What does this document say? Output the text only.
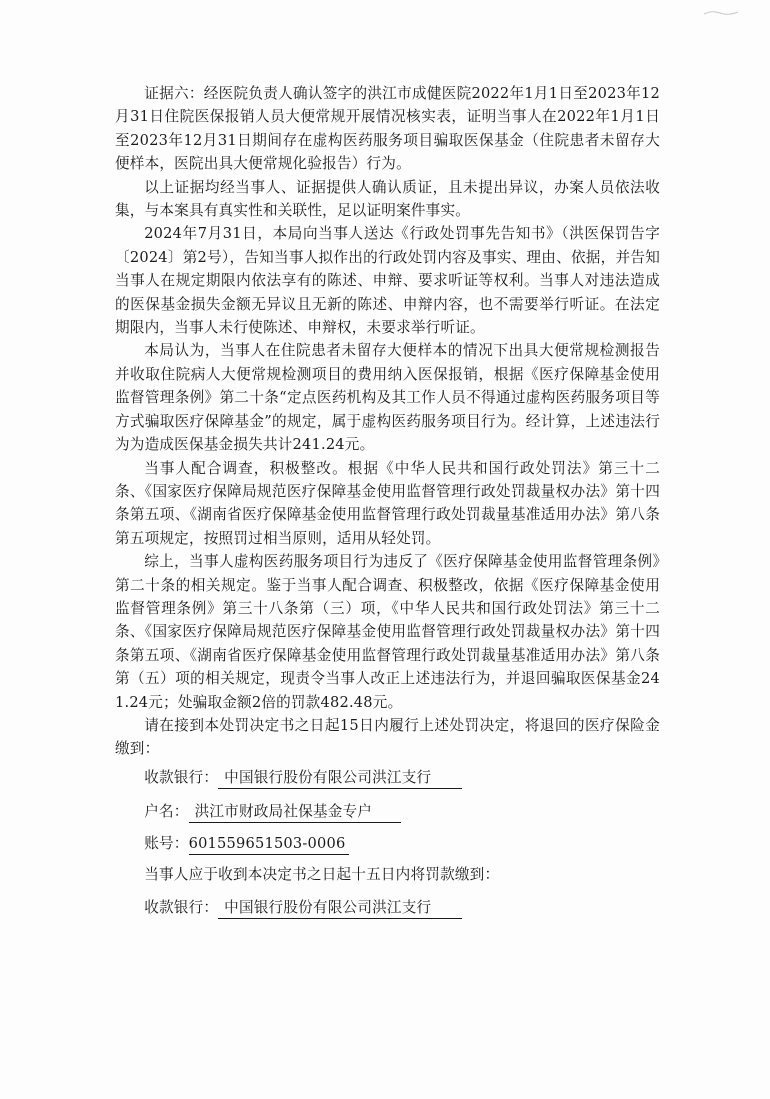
证据六：经医院负责人确认签字的洪江市成健医院2022年1月1日至2023年12月31日住院医保报销人员大便常规开展情况核实表，证明当事人在2022年1月1日至2023年12月31日期间存在虚构医药服务项目骗取医保基金（住院患者未留存大便样本，医院出具大便常规化验报告）行为。

以上证据均经当事人、证据提供人确认质证，且未提出异议，办案人员依法收集，与本案具有真实性和关联性，足以证明案件事实。

2024年7月31日，本局向当事人送达《行政处罚事先告知书》（洪医保罚告字〔2024〕第2号），告知当事人拟作出的行政处罚内容及事实、理由、依据，并告知当事人在规定期限内依法享有的陈述、申辩、要求听证等权利。当事人对违法造成的医保基金损失金额无异议且无新的陈述、申辩内容，也不需要举行听证。在法定期限内，当事人未行使陈述、申辩权，未要求举行听证。

本局认为，当事人在住院患者未留存大便样本的情况下出具大便常规检测报告并收取住院病人大便常规检测项目的费用纳入医保报销，根据《医疗保障基金使用监督管理条例》第二十条“定点医药机构及其工作人员不得通过虚构医药服务项目等方式骗取医疗保障基金”的规定，属于虚构医药服务项目行为。经计算，上述违法行为为造成医保基金损失共计241.24元。

当事人配合调查，积极整改。根据《中华人民共和国行政处罚法》第三十二条、《国家医疗保障局规范医疗保障基金使用监督管理行政处罚裁量权办法》第十四条第五项、《湖南省医疗保障基金使用监督管理行政处罚裁量基准适用办法》第八条第五项规定，按照罚过相当原则，适用从轻处罚。

综上，当事人虚构医药服务项目行为违反了《医疗保障基金使用监督管理条例》第二十条的相关规定。鉴于当事人配合调查、积极整改，依据《医疗保障基金使用监督管理条例》第三十八条第（三）项，《中华人民共和国行政处罚法》第三十二条、《国家医疗保障局规范医疗保障基金使用监督管理行政处罚裁量权办法》第十四条第五项、《湖南省医疗保障基金使用监督管理行政处罚裁量基准适用办法》第八条第（五）项的相关规定，现责令当事人改正上述违法行为，并退回骗取医保基金241.24元；处骗取金额2倍的罚款482.48元。

请在接到本处罚决定书之日起15日内履行上述处罚决定，将退回的医疗保险金缴到：

收款银行： 中国银行股份有限公司洪江支行

户名： 洪江市财政局社保基金专户

账号：601559651503-0006

当事人应于收到本决定书之日起十五日内将罚款缴到：

收款银行： 中国银行股份有限公司洪江支行
